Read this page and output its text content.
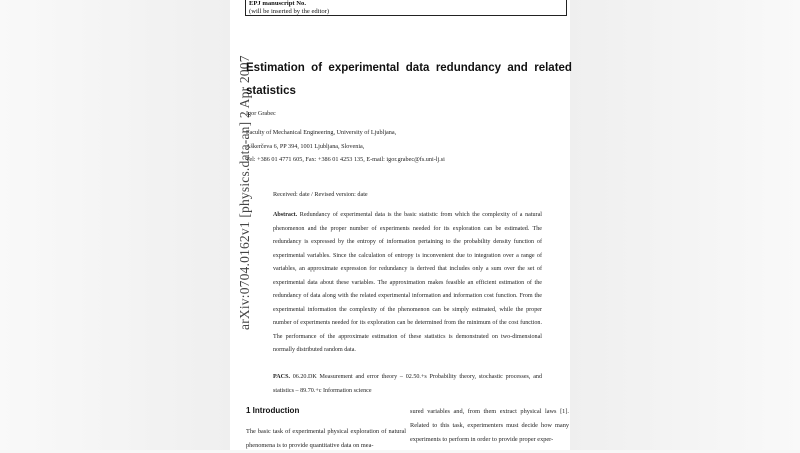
EPJ manuscript No.
(will be inserted by the editor)
arXiv:0704.0162v1 [physics.data-an] 2 Apr 2007
Estimation of experimental data redundancy and related
statistics
Igor Grabec
Faculty of Mechanical Engineering, University of Ljubljana,
Aškerčeva 6, PP 394, 1001 Ljubljana, Slovenia,
Tel: +386 01 4771 605, Fax: +386 01 4253 135, E-mail: igor.grabec@fs.uni-lj.si
Received: date / Revised version: date
Abstract. Redundancy of experimental data is the basic statistic from which the complexity of a natural phenomenon and the proper number of experiments needed for its exploration can be estimated. The redundancy is expressed by the entropy of information pertaining to the probability density function of experimental variables. Since the calculation of entropy is inconvenient due to integration over a range of variables, an approximate expression for redundancy is derived that includes only a sum over the set of experimental data about these variables. The approximation makes feasible an efficient estimation of the redundancy of data along with the related experimental information and information cost function. From the experimental information the complexity of the phenomenon can be simply estimated, while the proper number of experiments needed for its exploration can be determined from the minimum of the cost function. The performance of the approximate estimation of these statistics is demonstrated on two-dimensional normally distributed random data.
PACS. 06.20.DK Measurement and error theory – 02.50.+s Probability theory, stochastic processes, and statistics – 89.70.+c Information science
1 Introduction
The basic task of experimental physical exploration of natural phenomena is to provide quantitative data on mea-
sured variables and, from them extract physical laws [1]. Related to this task, experimenters must decide how many experiments to perform in order to provide proper exper-
